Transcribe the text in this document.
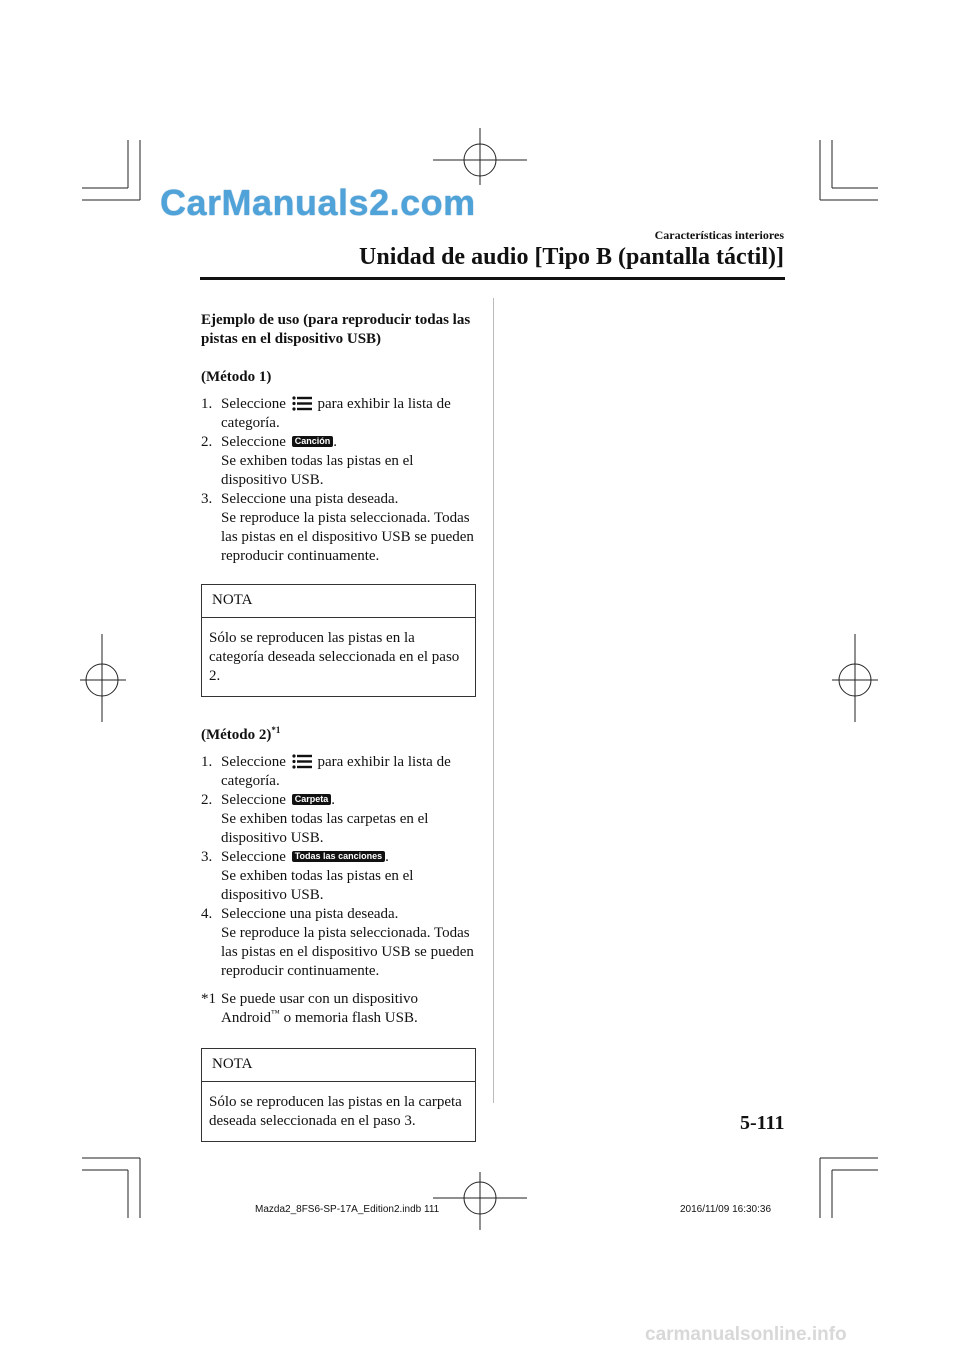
CarManuals2.com
Características interiores
Unidad de audio [Tipo B (pantalla táctil)]

Ejemplo de uso (para reproducir todas las pistas en el dispositivo USB)

(Método 1)

1. Seleccione para exhibir la lista de categoría.
2. Seleccione Canción .
Se exhiben todas las pistas en el dispositivo USB.
3. Seleccione una pista deseada.
Se reproduce la pista seleccionada. Todas las pistas en el dispositivo USB se pueden reproducir continuamente.

NOTA

Sólo se reproducen las pistas en la categoría deseada seleccionada en el paso 2.

(Método 2)$^{*1}$

1. Seleccione para exhibir la lista de categoría.
2. Seleccione Carpeta .
Se exhiben todas las carpetas en el dispositivo USB.
3. Seleccione Todas las canciones .
Se exhiben todas las pistas en el dispositivo USB.
4. Seleccione una pista deseada.
Se reproduce la pista seleccionada. Todas las pistas en el dispositivo USB se pueden reproducir continuamente.
*1 Se puede usar con un dispositivo Android™ o memoria flash USB.

NOTA

Sólo se reproducen las pistas en la carpeta deseada seleccionada en el paso 3.	5-111
Mazda2_8FS6-SP-17A_Edition2.indb 111	2016/11/09 16:30:36
carmanualsonline.info
